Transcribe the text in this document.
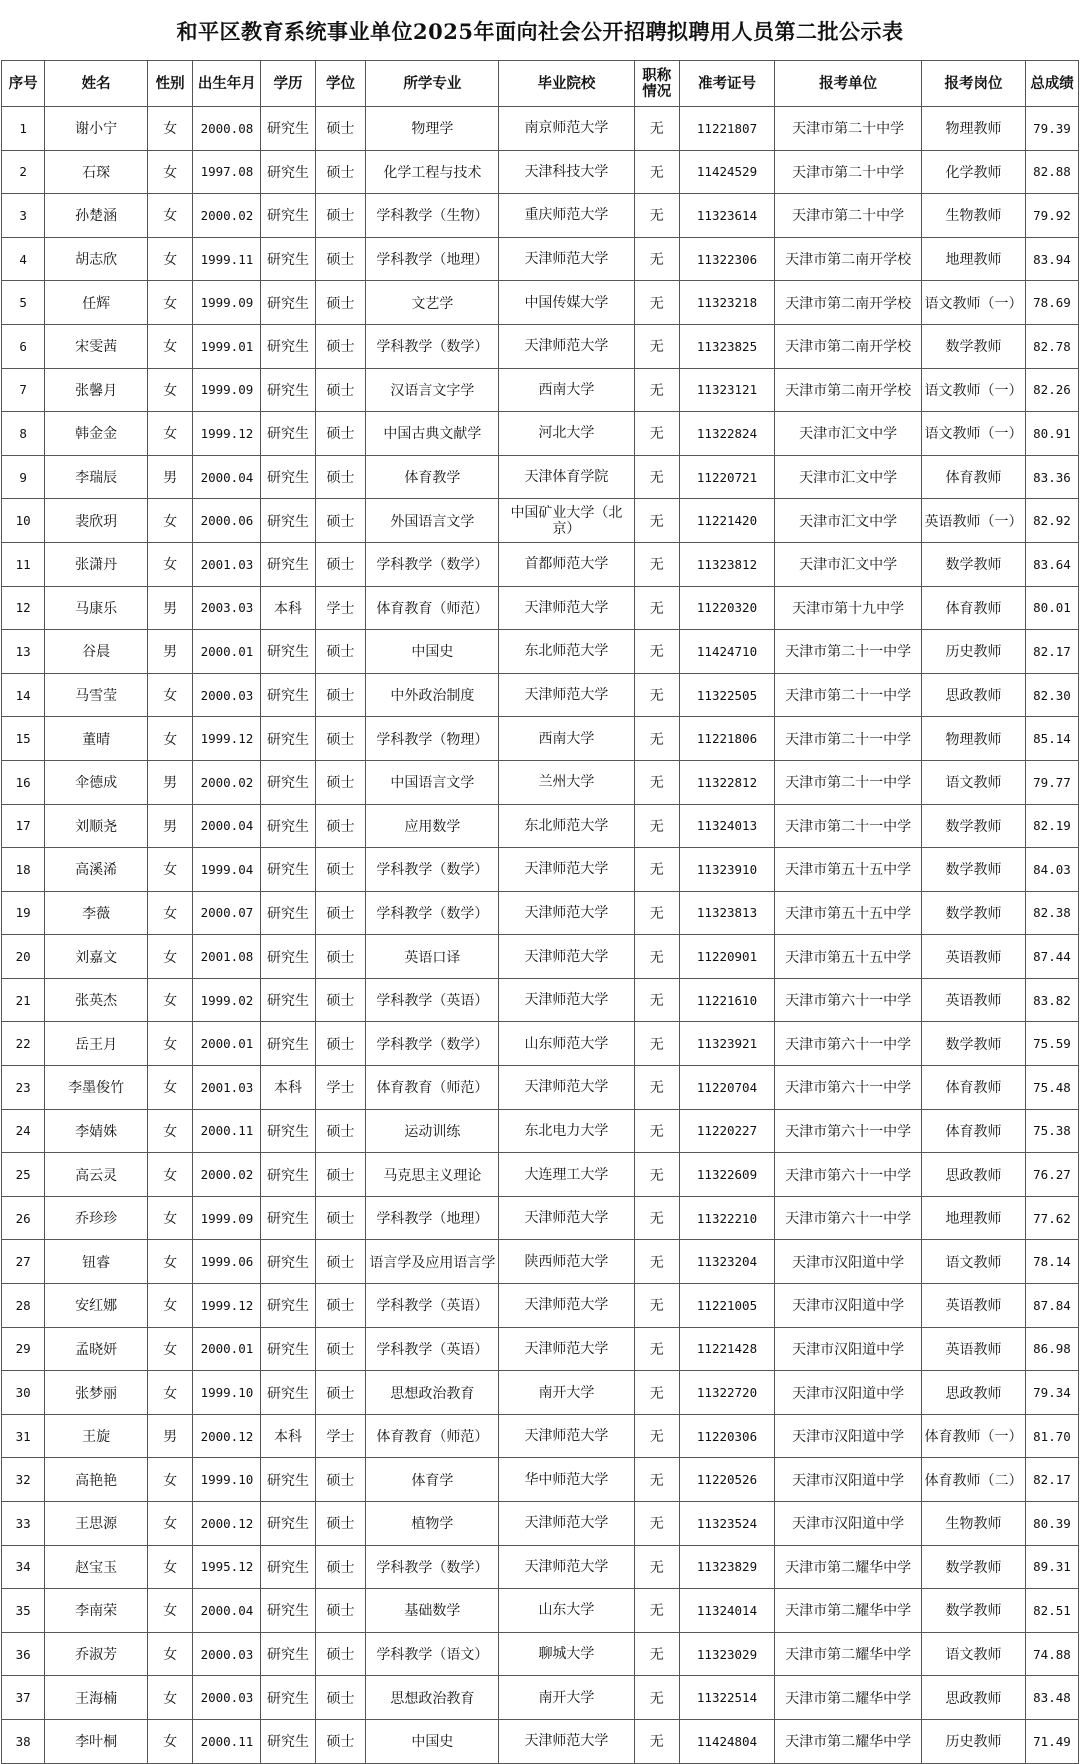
和平区教育系统事业单位2025年面向社会公开招聘拟聘用人员第二批公示表
序号	姓名	性别	出生年月	学历	学位	所学专业	毕业院校	职称情况	准考证号	报考单位	报考岗位	总成绩
1	谢小宁	女	2000.08	研究生	硕士	物理学	南京师范大学	无	11221807	天津市第二十中学	物理教师	79.39
2	石琛	女	1997.08	研究生	硕士	化学工程与技术	天津科技大学	无	11424529	天津市第二十中学	化学教师	82.88
3	孙楚涵	女	2000.02	研究生	硕士	学科教学（生物）	重庆师范大学	无	11323614	天津市第二十中学	生物教师	79.92
4	胡志欣	女	1999.11	研究生	硕士	学科教学（地理）	天津师范大学	无	11322306	天津市第二南开学校	地理教师	83.94
5	任辉	女	1999.09	研究生	硕士	文艺学	中国传媒大学	无	11323218	天津市第二南开学校	语文教师（一）	78.69
6	宋雯茜	女	1999.01	研究生	硕士	学科教学（数学）	天津师范大学	无	11323825	天津市第二南开学校	数学教师	82.78
7	张馨月	女	1999.09	研究生	硕士	汉语言文字学	西南大学	无	11323121	天津市第二南开学校	语文教师（一）	82.26
8	韩金金	女	1999.12	研究生	硕士	中国古典文献学	河北大学	无	11322824	天津市汇文中学	语文教师（一）	80.91
9	李瑞辰	男	2000.04	研究生	硕士	体育教学	天津体育学院	无	11220721	天津市汇文中学	体育教师	83.36
10	裴欣玥	女	2000.06	研究生	硕士	外国语言文学	中国矿业大学（北京）	无	11221420	天津市汇文中学	英语教师（一）	82.92
11	张潇丹	女	2001.03	研究生	硕士	学科教学（数学）	首都师范大学	无	11323812	天津市汇文中学	数学教师	83.64
12	马康乐	男	2003.03	本科	学士	体育教育（师范）	天津师范大学	无	11220320	天津市第十九中学	体育教师	80.01
13	谷晨	男	2000.01	研究生	硕士	中国史	东北师范大学	无	11424710	天津市第二十一中学	历史教师	82.17
14	马雪莹	女	2000.03	研究生	硕士	中外政治制度	天津师范大学	无	11322505	天津市第二十一中学	思政教师	82.30
15	董晴	女	1999.12	研究生	硕士	学科教学（物理）	西南大学	无	11221806	天津市第二十一中学	物理教师	85.14
16	伞德成	男	2000.02	研究生	硕士	中国语言文学	兰州大学	无	11322812	天津市第二十一中学	语文教师	79.77
17	刘顺尧	男	2000.04	研究生	硕士	应用数学	东北师范大学	无	11324013	天津市第二十一中学	数学教师	82.19
18	高溪浠	女	1999.04	研究生	硕士	学科教学（数学）	天津师范大学	无	11323910	天津市第五十五中学	数学教师	84.03
19	李薇	女	2000.07	研究生	硕士	学科教学（数学）	天津师范大学	无	11323813	天津市第五十五中学	数学教师	82.38
20	刘嘉文	女	2001.08	研究生	硕士	英语口译	天津师范大学	无	11220901	天津市第五十五中学	英语教师	87.44
21	张英杰	女	1999.02	研究生	硕士	学科教学（英语）	天津师范大学	无	11221610	天津市第六十一中学	英语教师	83.82
22	岳王月	女	2000.01	研究生	硕士	学科教学（数学）	山东师范大学	无	11323921	天津市第六十一中学	数学教师	75.59
23	李墨俊竹	女	2001.03	本科	学士	体育教育（师范）	天津师范大学	无	11220704	天津市第六十一中学	体育教师	75.48
24	李婧姝	女	2000.11	研究生	硕士	运动训练	东北电力大学	无	11220227	天津市第六十一中学	体育教师	75.38
25	高云灵	女	2000.02	研究生	硕士	马克思主义理论	大连理工大学	无	11322609	天津市第六十一中学	思政教师	76.27
26	乔珍珍	女	1999.09	研究生	硕士	学科教学（地理）	天津师范大学	无	11322210	天津市第六十一中学	地理教师	77.62
27	钮睿	女	1999.06	研究生	硕士	语言学及应用语言学	陕西师范大学	无	11323204	天津市汉阳道中学	语文教师	78.14
28	安红娜	女	1999.12	研究生	硕士	学科教学（英语）	天津师范大学	无	11221005	天津市汉阳道中学	英语教师	87.84
29	孟晓妍	女	2000.01	研究生	硕士	学科教学（英语）	天津师范大学	无	11221428	天津市汉阳道中学	英语教师	86.98
30	张梦丽	女	1999.10	研究生	硕士	思想政治教育	南开大学	无	11322720	天津市汉阳道中学	思政教师	79.34
31	王旋	男	2000.12	本科	学士	体育教育（师范）	天津师范大学	无	11220306	天津市汉阳道中学	体育教师（一）	81.70
32	高艳艳	女	1999.10	研究生	硕士	体育学	华中师范大学	无	11220526	天津市汉阳道中学	体育教师（二）	82.17
33	王思源	女	2000.12	研究生	硕士	植物学	天津师范大学	无	11323524	天津市汉阳道中学	生物教师	80.39
34	赵宝玉	女	1995.12	研究生	硕士	学科教学（数学）	天津师范大学	无	11323829	天津市第二耀华中学	数学教师	89.31
35	李南荣	女	2000.04	研究生	硕士	基础数学	山东大学	无	11324014	天津市第二耀华中学	数学教师	82.51
36	乔淑芳	女	2000.03	研究生	硕士	学科教学（语文）	聊城大学	无	11323029	天津市第二耀华中学	语文教师	74.88
37	王海楠	女	2000.03	研究生	硕士	思想政治教育	南开大学	无	11322514	天津市第二耀华中学	思政教师	83.48
38	李叶桐	女	2000.11	研究生	硕士	中国史	天津师范大学	无	11424804	天津市第二耀华中学	历史教师	71.49
